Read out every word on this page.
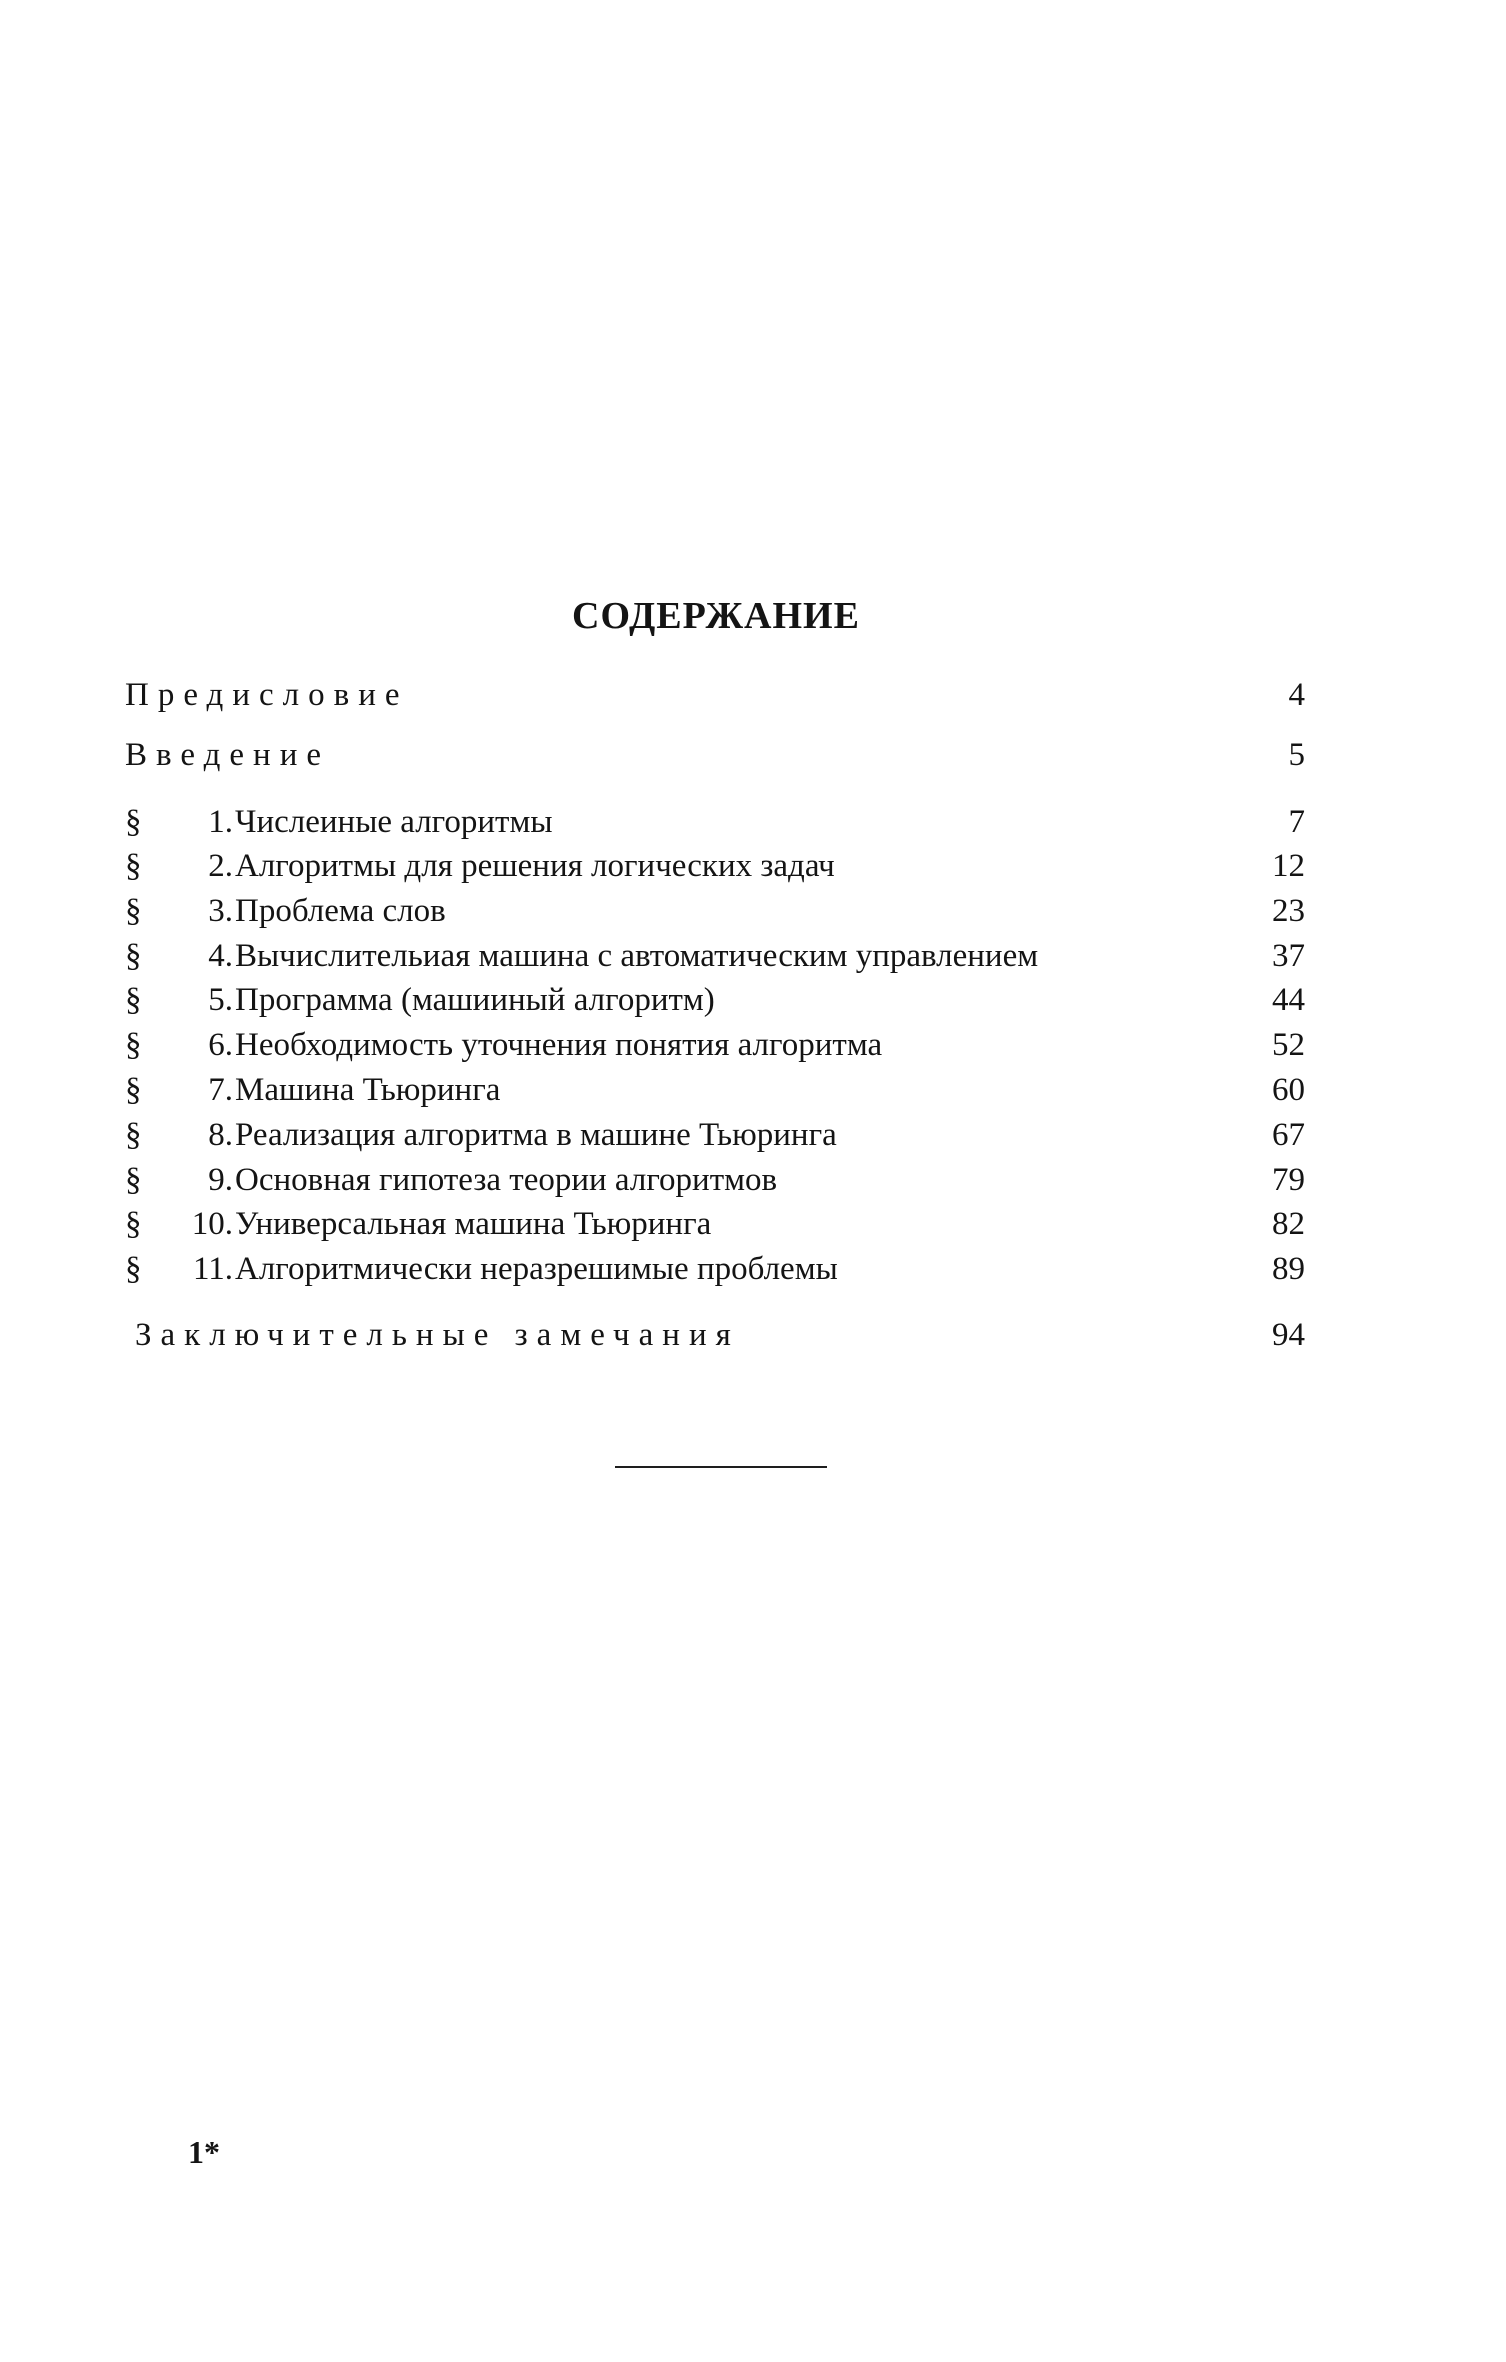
СОДЕРЖАНИЕ
Предисловие . . .	4
Введение . . .	5
§ 1. Числеиные алгоритмы . . .	7
§ 2. Алгоритмы для решения логических задач . . .	12
§ 3. Проблема слов . . .	23
§ 4. Вычислительиая машина с автоматическим управлением . . .	37
§ 5. Программа (машииный алгоритм) . . .	44
§ 6. Необходимость уточнения понятия алгоритма . . .	52
§ 7. Машина Тьюринга . . .	60
§ 8. Реализация алгоритма в машине Тьюринга . . .	67
§ 9. Основная гипотеза теории алгоритмов . . .	79
§ 10. Универсальная машина Тьюринга . . .	82
§ 11. Алгоритмически неразрешимые проблемы . . .	89
Заключительные замечания . . .	94
1*
